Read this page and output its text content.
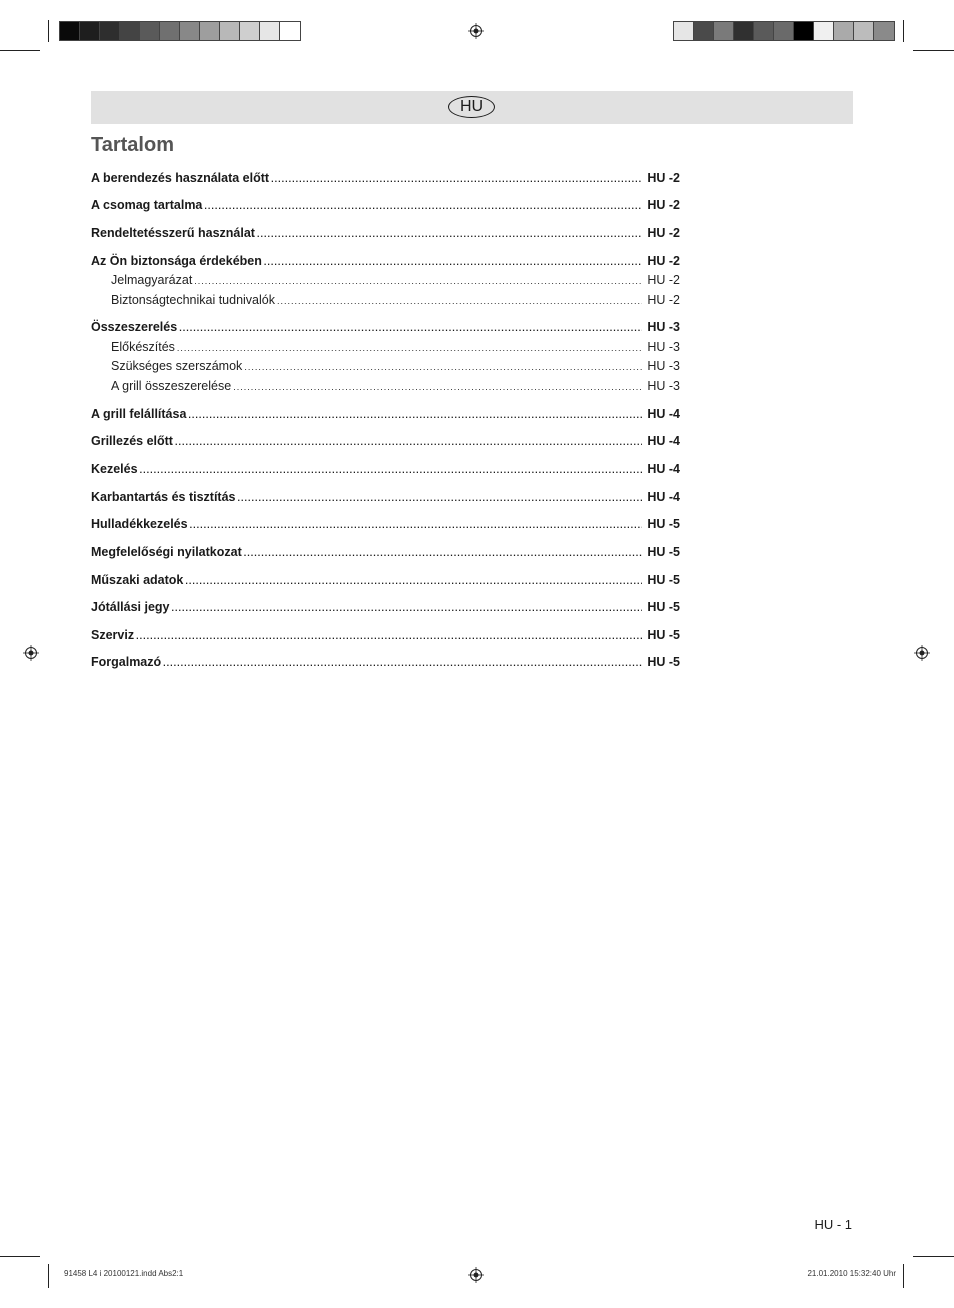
HU
Tartalom
A berendezés használata előtt .....	HU -2
A csomag tartalma .....	HU -2
Rendeltetésszerű használat .....	HU -2
Az Ön biztonsága érdekében .....	HU -2
Jelmagyarázat .....	HU -2
Biztonságtechnikai tudnivalók .....	HU -2
Összeszerelés .....	HU -3
Előkészítés .....	HU -3
Szükséges szerszámok .....	HU -3
A grill összeszerelése .....	HU -3
A grill felállítása .....	HU -4
Grillezés előtt .....	HU -4
Kezelés .....	HU -4
Karbantartás és tisztítás .....	HU -4
Hulladékkezelés .....	HU -5
Megfelelőségi nyilatkozat .....	HU -5
Műszaki adatok .....	HU -5
Jótállási jegy .....	HU -5
Szerviz .....	HU -5
Forgalmazó .....	HU -5
HU - 1
91458 L4 i 20100121.indd Abs2:1	21.01.2010 15:32:40 Uhr
